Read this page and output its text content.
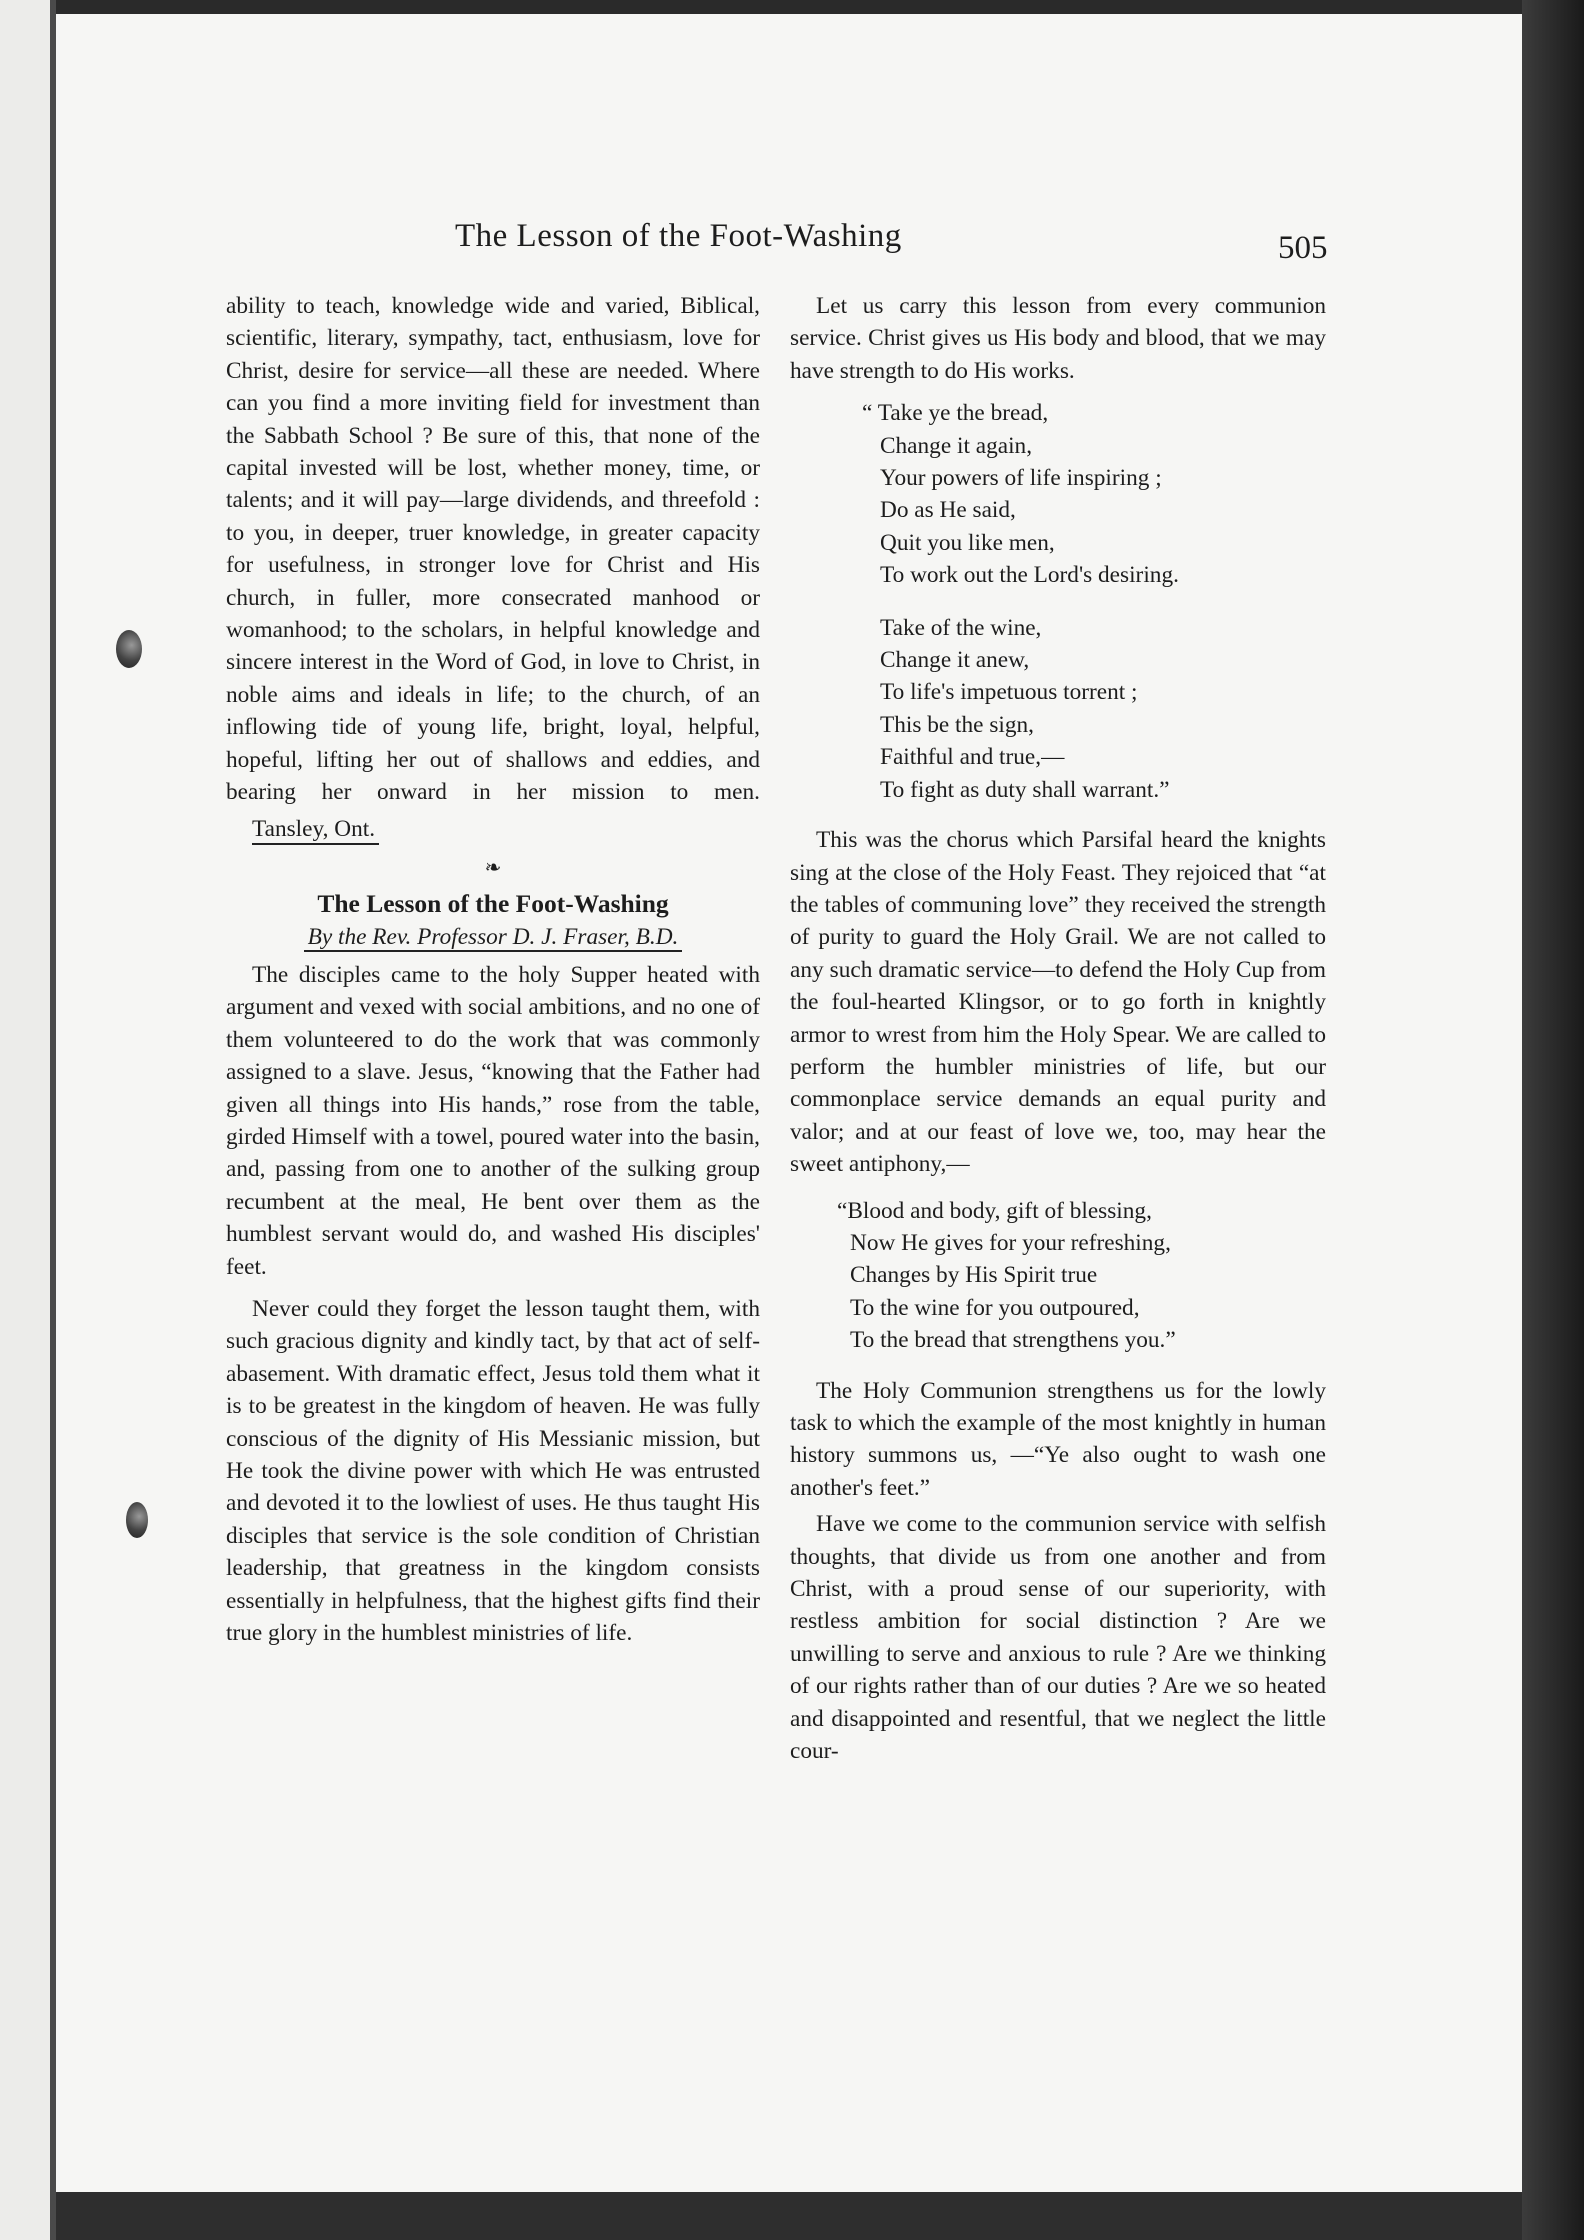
The Lesson of the Foot-Washing	505

ability to teach, knowledge wide and varied, Biblical, scientific, literary, sympathy, tact, enthusiasm, love for Christ, desire for service—all these are needed. Where can you find a more inviting field for investment than the Sabbath School ? Be sure of this, that none of the capital invested will be lost, whether money, time, or talents; and it will pay—large dividends, and threefold : to you, in deeper, truer knowledge, in greater capacity for usefulness, in stronger love for Christ and His church, in fuller, more consecrated manhood or womanhood; to the scholars, in helpful knowledge and sincere interest in the Word of God, in love to Christ, in noble aims and ideals in life; to the church, of an inflowing tide of young life, bright, loyal, helpful, hopeful, lifting her out of shallows and eddies, and bearing her onward in her mission to men.

Tansley, Ont.

❧
The Lesson of the Foot-Washing
By the Rev. Professor D. J. Fraser, B.D.

The disciples came to the holy Supper heated with argument and vexed with social ambitions, and no one of them volunteered to do the work that was commonly assigned to a slave. Jesus, “knowing that the Father had given all things into His hands,” rose from the table, girded Himself with a towel, poured water into the basin, and, passing from one to another of the sulking group recumbent at the meal, He bent over them as the humblest servant would do, and washed His disciples' feet.

Never could they forget the lesson taught them, with such gracious dignity and kindly tact, by that act of self-abasement. With dramatic effect, Jesus told them what it is to be greatest in the kingdom of heaven. He was fully conscious of the dignity of His Messianic mission, but He took the divine power with which He was entrusted and devoted it to the lowliest of uses. He thus taught His disciples that service is the sole condition of Christian leadership, that greatness in the kingdom consists essentially in helpfulness, that the highest gifts find their true glory in the humblest ministries of life.

Let us carry this lesson from every communion service. Christ gives us His body and blood, that we may have strength to do His works.

“ Take ye the bread,
Change it again,
Your powers of life inspiring ;
Do as He said,
Quit you like men,
To work out the Lord's desiring.
Take of the wine,
Change it anew,
To life's impetuous torrent ;
This be the sign,
Faithful and true,—
To fight as duty shall warrant.”

This was the chorus which Parsifal heard the knights sing at the close of the Holy Feast. They rejoiced that “at the tables of communing love” they received the strength of purity to guard the Holy Grail. We are not called to any such dramatic service—to defend the Holy Cup from the foul-hearted Klingsor, or to go forth in knightly armor to wrest from him the Holy Spear. We are called to perform the humbler ministries of life, but our commonplace service demands an equal purity and valor; and at our feast of love we, too, may hear the sweet antiphony,—

“Blood and body, gift of blessing,
Now He gives for your refreshing,
Changes by His Spirit true
To the wine for you outpoured,
To the bread that strengthens you.”

The Holy Communion strengthens us for the lowly task to which the example of the most knightly in human history summons us, —“Ye also ought to wash one another's feet.”

Have we come to the communion service with selfish thoughts, that divide us from one another and from Christ, with a proud sense of our superiority, with restless ambition for social distinction ? Are we unwilling to serve and anxious to rule ? Are we thinking of our rights rather than of our duties ? Are we so heated and disappointed and resentful, that we neglect the little cour-
